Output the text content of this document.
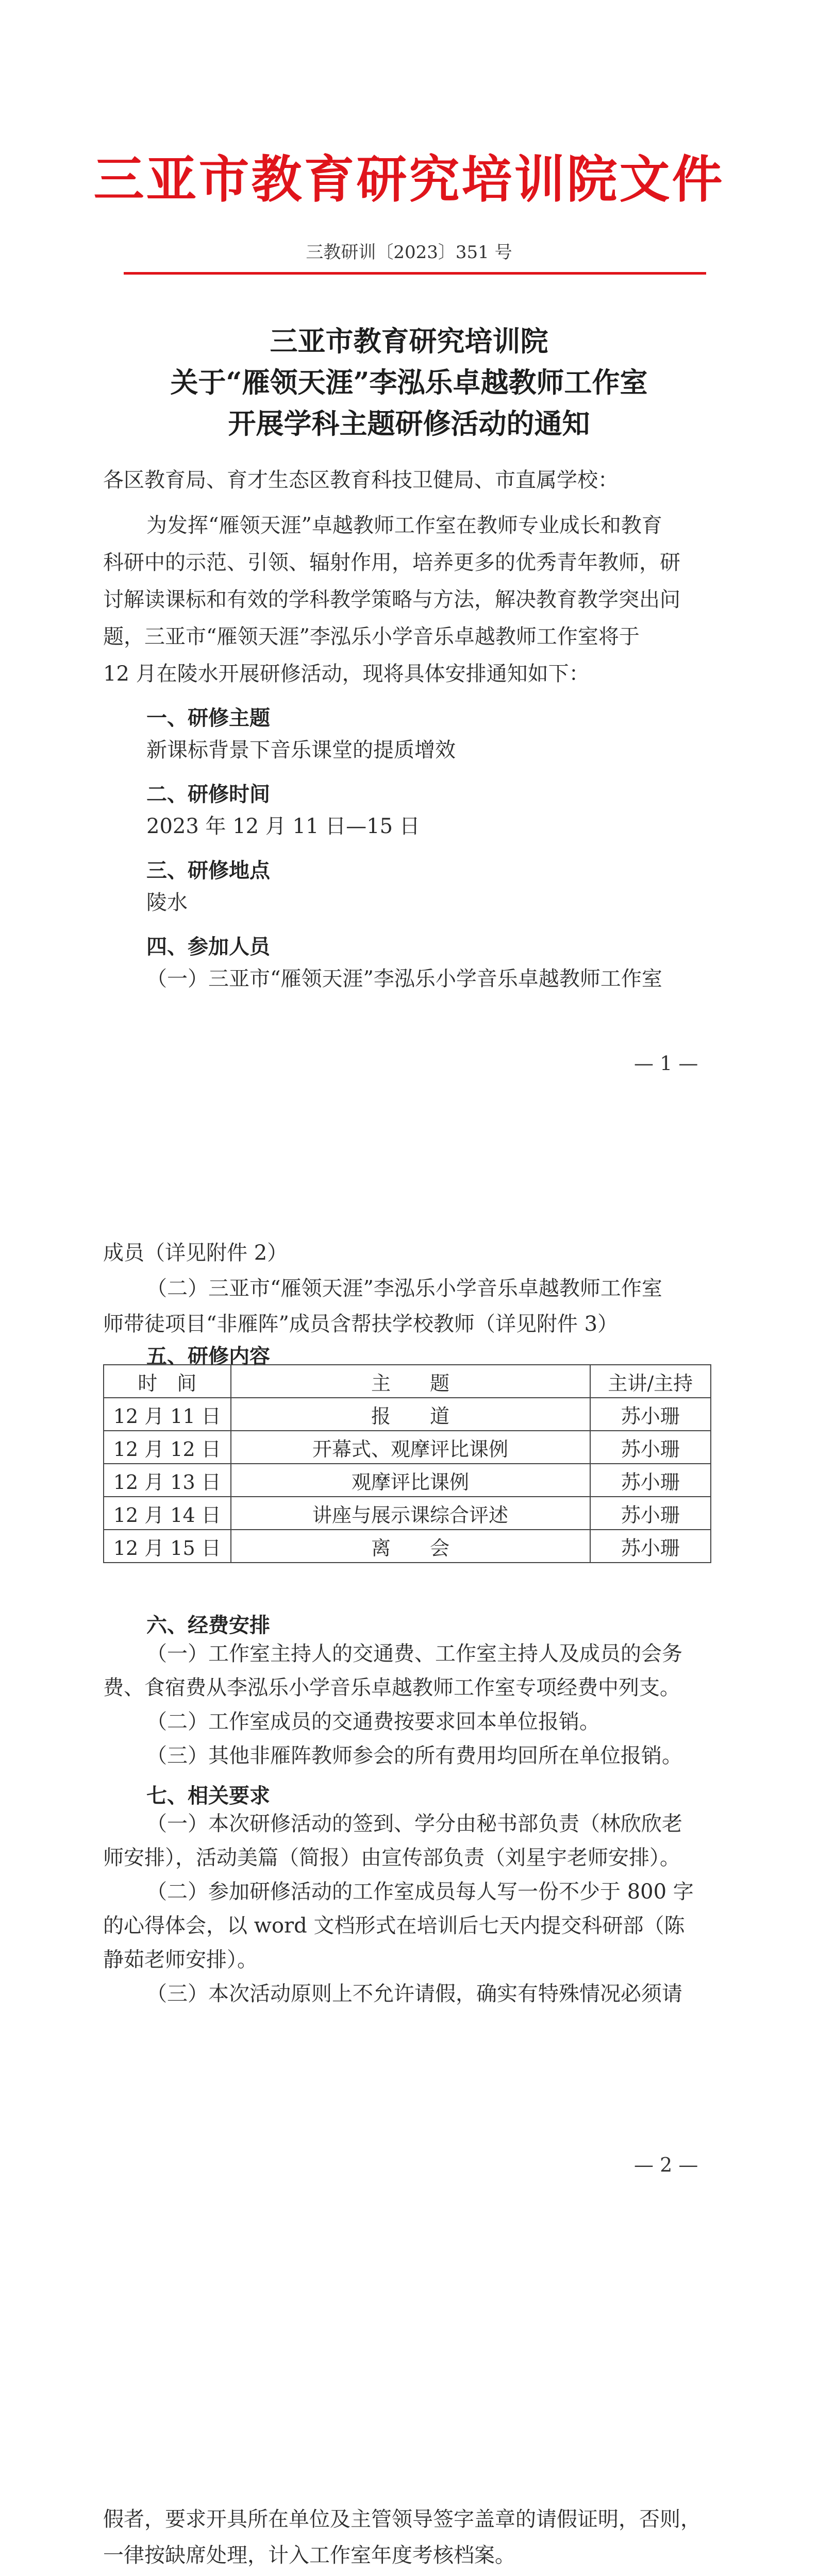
三亚市教育研究培训院文件
三教研训〔2023〕351 号
三亚市教育研究培训院
关于“雁领天涯”李泓乐卓越教师工作室
开展学科主题研修活动的通知
各区教育局、育才生态区教育科技卫健局、市直属学校：
为发挥“雁领天涯”卓越教师工作室在教师专业成长和教育
科研中的示范、引领、辐射作用，培养更多的优秀青年教师，研
讨解读课标和有效的学科教学策略与方法，解决教育教学突出问
题，三亚市“雁领天涯”李泓乐小学音乐卓越教师工作室将于
12 月在陵水开展研修活动，现将具体安排通知如下：
一、研修主题
新课标背景下音乐课堂的提质增效
二、研修时间
2023 年 12 月 11 日—15 日
三、研修地点
陵水
四、参加人员
（一）三亚市“雁领天涯”李泓乐小学音乐卓越教师工作室
— 1 —
成员（详见附件 2）
（二）三亚市“雁领天涯”李泓乐小学音乐卓越教师工作室
师带徒项目“非雁阵”成员含帮扶学校教师（详见附件 3）
五、研修内容
时　间	主　　题	主讲/主持
12 月 11 日	报　　道	苏小珊
12 月 12 日	开幕式、观摩评比课例	苏小珊
12 月 13 日	观摩评比课例	苏小珊
12 月 14 日	讲座与展示课综合评述	苏小珊
12 月 15 日	离　　会	苏小珊
六、经费安排
（一）工作室主持人的交通费、工作室主持人及成员的会务
费、食宿费从李泓乐小学音乐卓越教师工作室专项经费中列支。
（二）工作室成员的交通费按要求回本单位报销。
（三）其他非雁阵教师参会的所有费用均回所在单位报销。
七、相关要求
（一）本次研修活动的签到、学分由秘书部负责（林欣欣老
师安排），活动美篇（简报）由宣传部负责（刘星宇老师安排）。
（二）参加研修活动的工作室成员每人写一份不少于 800 字
的心得体会，以 word 文档形式在培训后七天内提交科研部（陈
静茹老师安排）。
（三）本次活动原则上不允许请假，确实有特殊情况必须请
— 2 —
假者，要求开具所在单位及主管领导签字盖章的请假证明，否则，
一律按缺席处理，计入工作室年度考核档案。
